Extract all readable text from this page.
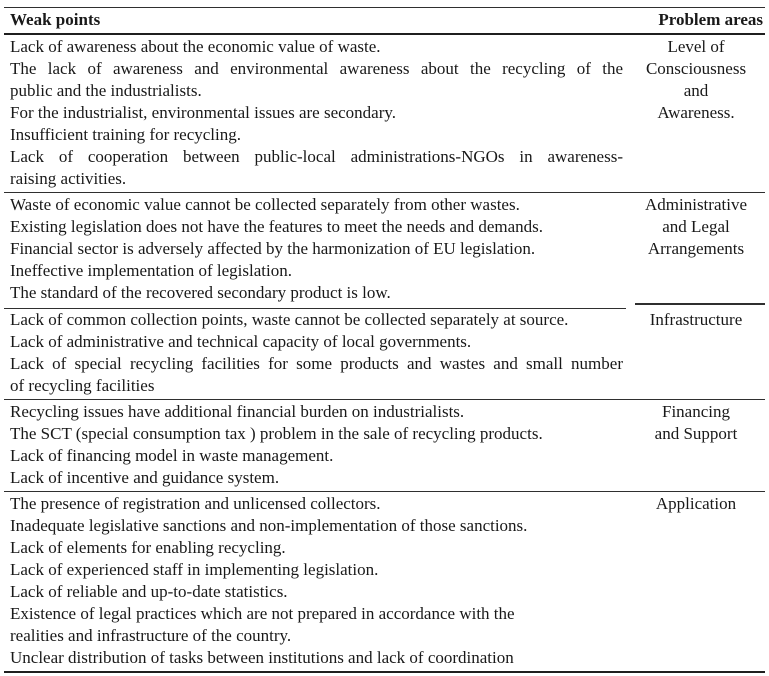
Weak points	Problem areas
Lack of awareness about the economic value of waste.
The lack of awareness and environmental awareness about the recycling of the
public and the industrialists.
For the industrialist, environmental issues are secondary.
Insufficient training for recycling.
Lack of cooperation between public-local administrations-NGOs in awareness-
raising activities.
Level of
Consciousness
and
Awareness.
Waste of economic value cannot be collected separately from other wastes.
Existing legislation does not have the features to meet the needs and demands.
Financial sector is adversely affected by the harmonization of EU legislation.
Ineffective implementation of legislation.
The standard of the recovered secondary product is low.
Administrative
and Legal
Arrangements
Lack of common collection points, waste cannot be collected separately at source.
Lack of administrative and technical capacity of local governments.
Lack of special recycling facilities for some products and wastes and small number
of recycling facilities
Infrastructure
Recycling issues have additional financial burden on industrialists.
The SCT (special consumption tax ) problem in the sale of recycling products.
Lack of financing model in waste management.
Lack of incentive and guidance system.
Financing
and Support
The presence of registration and unlicensed collectors.
Inadequate legislative sanctions and non-implementation of those sanctions.
Lack of elements for enabling recycling.
Lack of experienced staff in implementing legislation.
Lack of reliable and up-to-date statistics.
Existence of legal practices which are not prepared in accordance with the
realities and infrastructure of the country.
Unclear distribution of tasks between institutions and lack of coordination
Application
